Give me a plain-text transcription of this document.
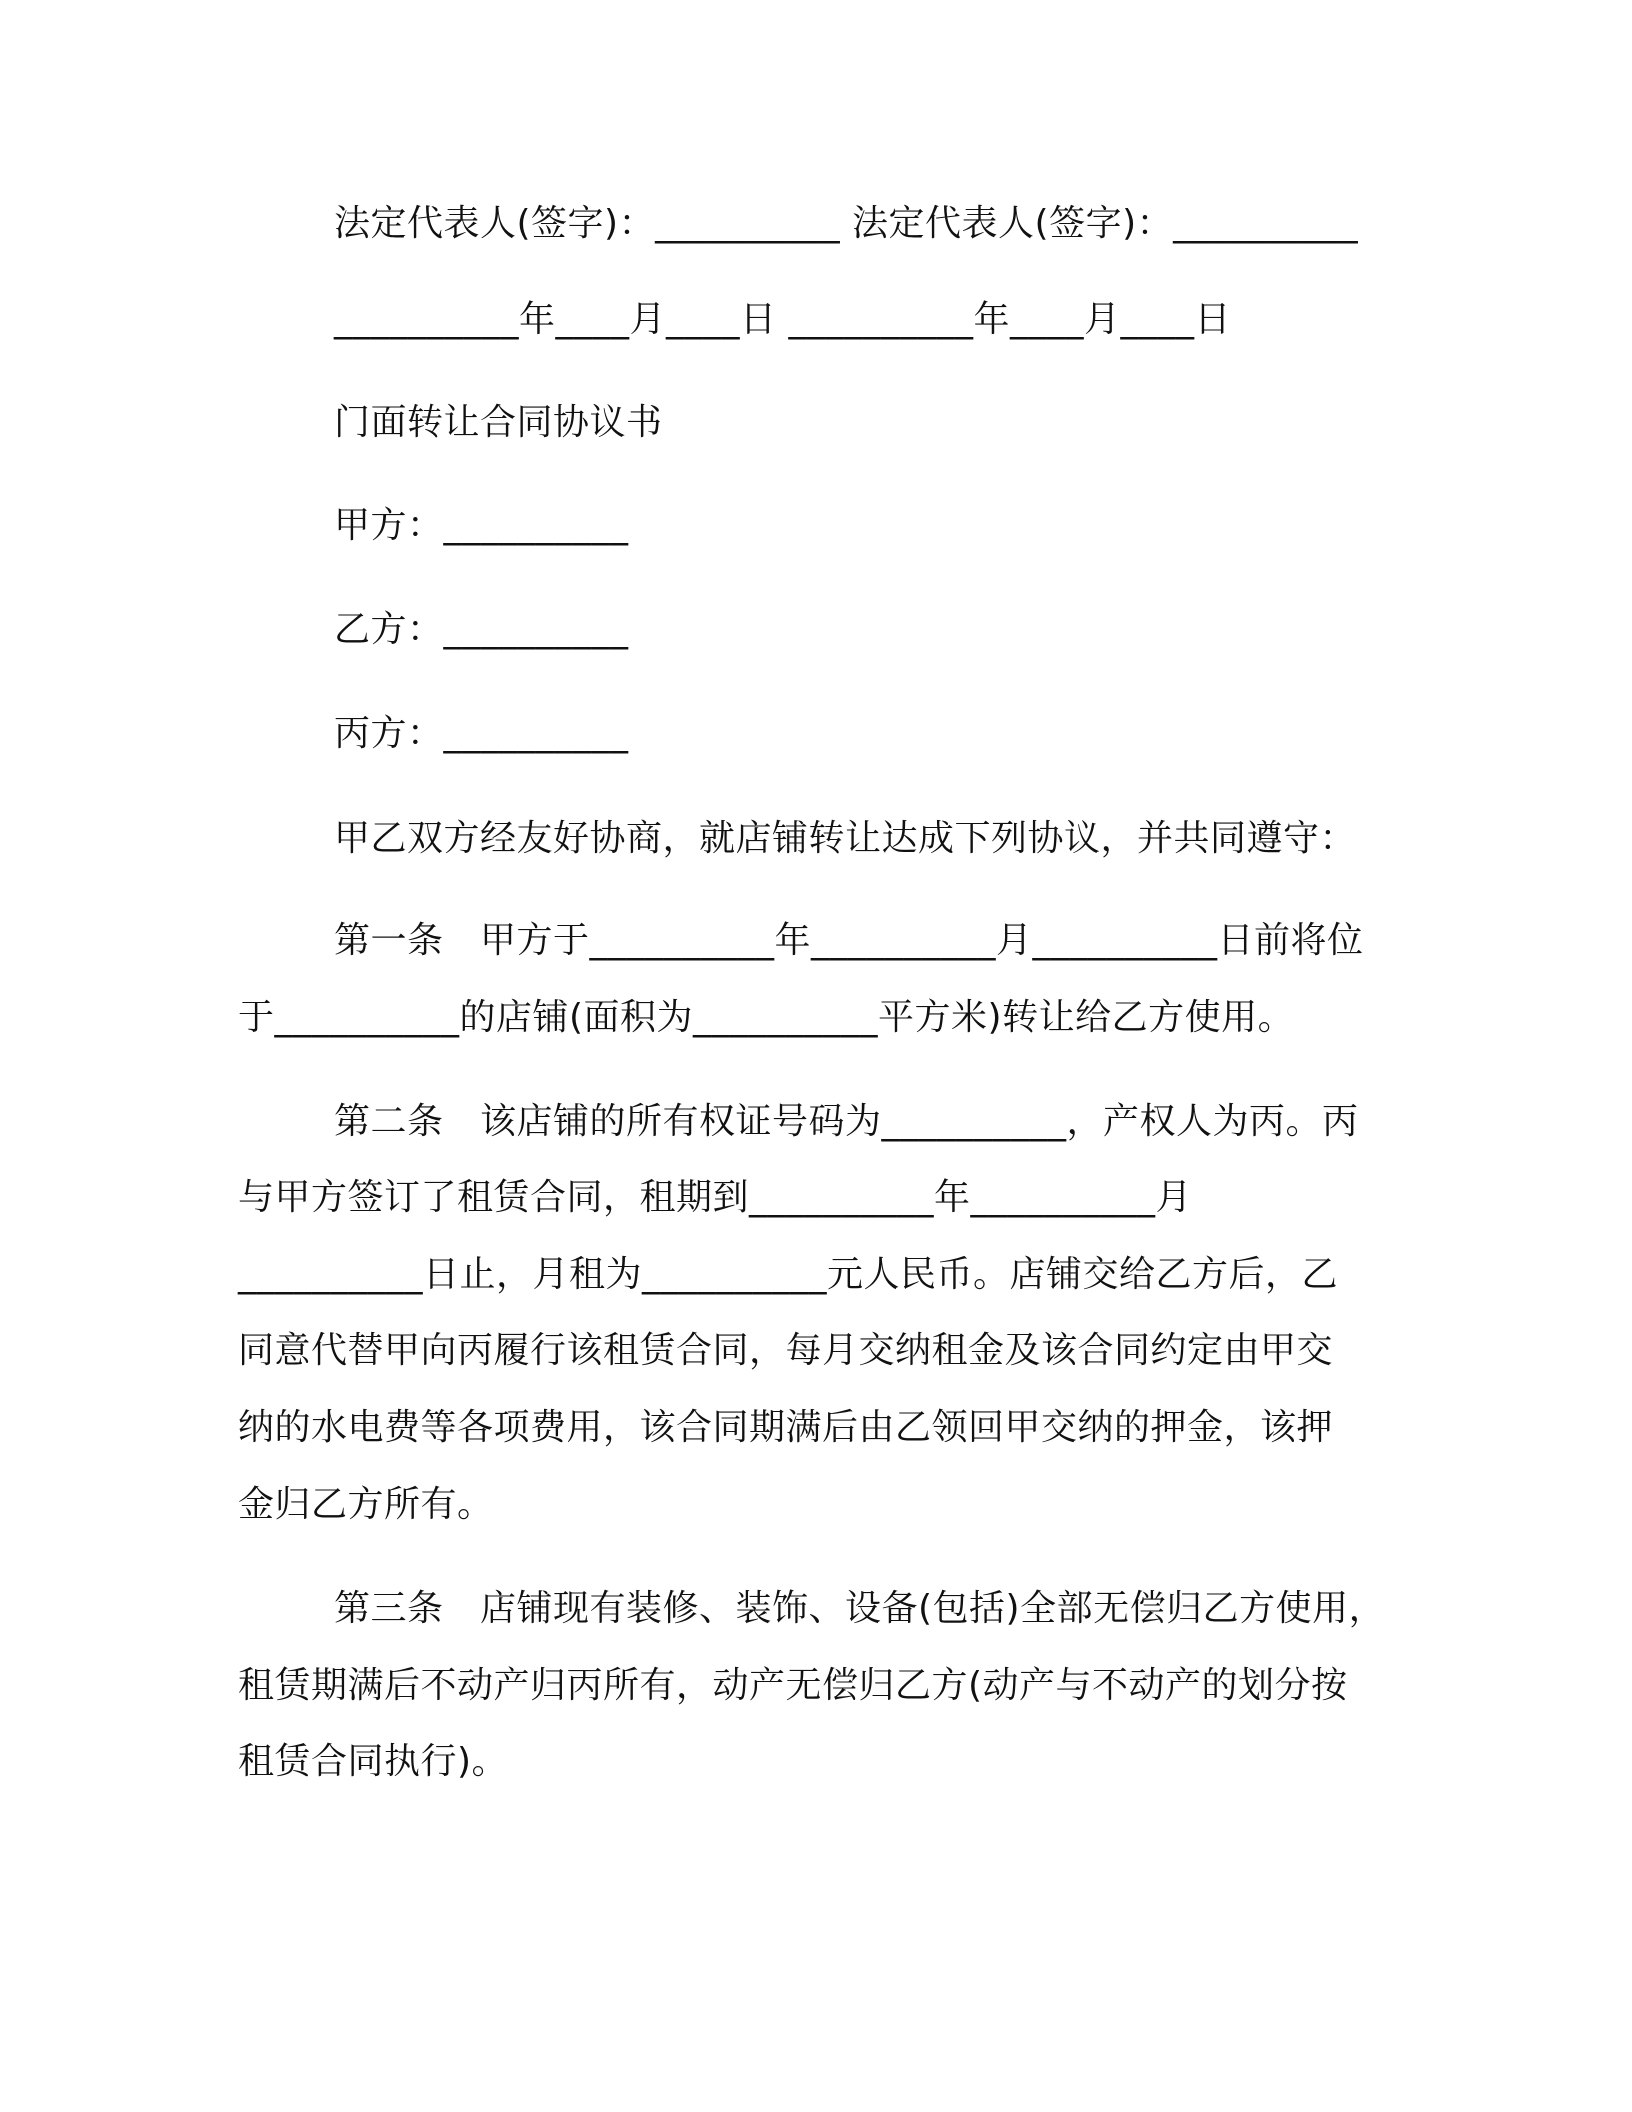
法定代表人(签字)：__________ 法定代表人(签字)：__________
__________年____月____日 __________年____月____日
门面转让合同协议书
甲方：__________
乙方：__________
丙方：__________
甲乙双方经友好协商，就店铺转让达成下列协议，并共同遵守：
第一条　甲方于__________年__________月__________日前将位
于__________的店铺(面积为__________平方米)转让给乙方使用。
第二条　该店铺的所有权证号码为__________，产权人为丙。丙
与甲方签订了租赁合同，租期到__________年__________月
__________日止，月租为__________元人民币。店铺交给乙方后，乙
同意代替甲向丙履行该租赁合同，每月交纳租金及该合同约定由甲交
纳的水电费等各项费用，该合同期满后由乙领回甲交纳的押金，该押
金归乙方所有。
第三条　店铺现有装修、装饰、设备(包括)全部无偿归乙方使用，
租赁期满后不动产归丙所有，动产无偿归乙方(动产与不动产的划分按
租赁合同执行)。
